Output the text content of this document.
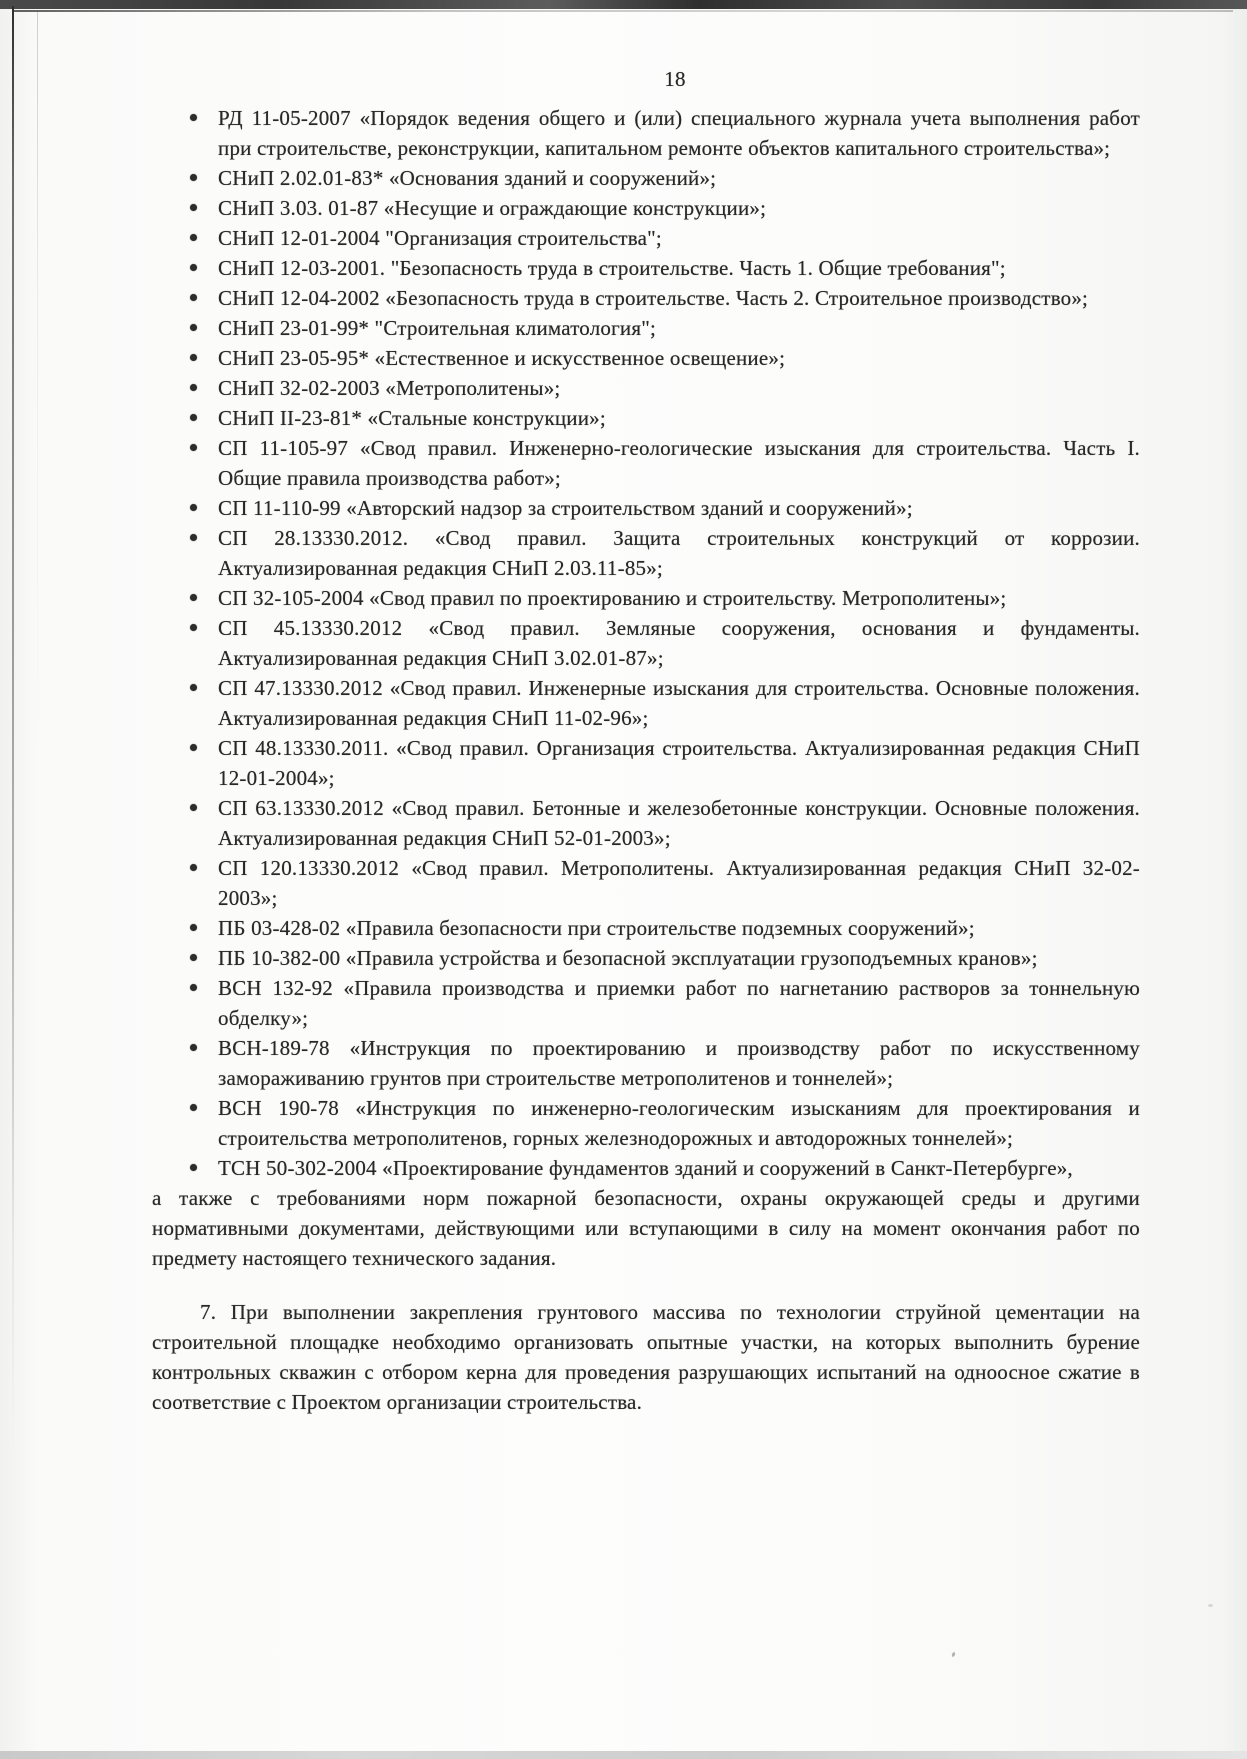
18
РД 11-05-2007 «Порядок ведения общего и (или) специального журнала учета выполнения работ при строительстве, реконструкции, капитальном ремонте объектов капитального строительства»;
СНиП 2.02.01-83* «Основания зданий и сооружений»;
СНиП 3.03. 01-87 «Несущие и ограждающие конструкции»;
СНиП 12-01-2004 "Организация строительства";
СНиП 12-03-2001. "Безопасность труда в строительстве. Часть 1. Общие требования";
СНиП 12-04-2002 «Безопасность труда в строительстве. Часть 2. Строительное производство»;
СНиП 23-01-99* "Строительная климатология";
СНиП 23-05-95* «Естественное и искусственное освещение»;
СНиП 32-02-2003 «Метрополитены»;
СНиП II-23-81* «Стальные конструкции»;
СП 11-105-97 «Свод правил. Инженерно-геологические изыскания для строительства. Часть I. Общие правила производства работ»;
СП 11-110-99 «Авторский надзор за строительством зданий и сооружений»;
СП 28.13330.2012. «Свод правил. Защита строительных конструкций от коррозии. Актуализированная редакция СНиП 2.03.11-85»;
СП 32-105-2004 «Свод правил по проектированию и строительству. Метрополитены»;
СП 45.13330.2012 «Свод правил. Земляные сооружения, основания и фундаменты. Актуализированная редакция СНиП 3.02.01-87»;
СП 47.13330.2012 «Свод правил. Инженерные изыскания для строительства. Основные положения. Актуализированная редакция СНиП 11-02-96»;
СП 48.13330.2011. «Свод правил. Организация строительства. Актуализированная редакция СНиП 12-01-2004»;
СП 63.13330.2012 «Свод правил. Бетонные и железобетонные конструкции. Основные положения. Актуализированная редакция СНиП 52-01-2003»;
СП 120.13330.2012 «Свод правил. Метрополитены. Актуализированная редакция СНиП 32-02-2003»;
ПБ 03-428-02 «Правила безопасности при строительстве подземных сооружений»;
ПБ 10-382-00 «Правила устройства и безопасной эксплуатации грузоподъемных кранов»;
ВСН 132-92 «Правила производства и приемки работ по нагнетанию растворов за тоннельную обделку»;
ВСН-189-78 «Инструкция по проектированию и производству работ по искусственному замораживанию грунтов при строительстве метрополитенов и тоннелей»;
ВСН 190-78 «Инструкция по инженерно-геологическим изысканиям для проектирования и строительства метрополитенов, горных железнодорожных и автодорожных тоннелей»;
ТСН 50-302-2004 «Проектирование фундаментов зданий и сооружений в Санкт-Петербурге»,

а также с требованиями норм пожарной безопасности, охраны окружающей среды и другими нормативными документами, действующими или вступающими в силу на момент окончания работ по предмету настоящего технического задания.

7. При выполнении закрепления грунтового массива по технологии струйной цементации на строительной площадке необходимо организовать опытные участки, на которых выполнить бурение контрольных скважин с отбором керна для проведения разрушающих испытаний на одноосное сжатие в соответствие с Проектом организации строительства.
